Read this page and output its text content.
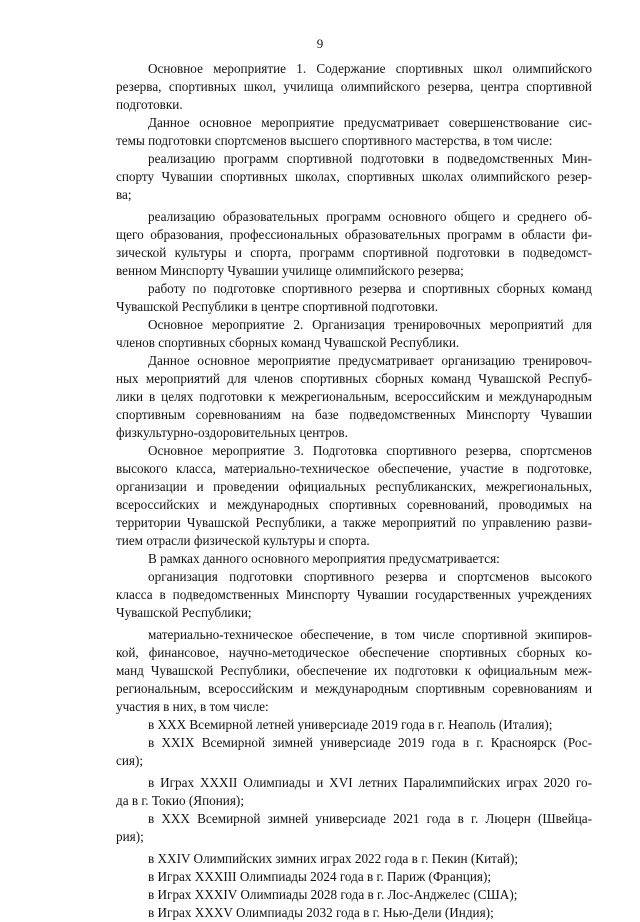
9
Основное мероприятие 1. Содержание спортивных школ олимпийского
резерва, спортивных школ, училища олимпийского резерва, центра спортивной
подготовки.
Данное основное мероприятие предусматривает совершенствование сис-
темы подготовки спортсменов высшего спортивного мастерства, в том числе:
реализацию программ спортивной подготовки в подведомственных Мин-
спорту Чувашии спортивных школах, спортивных школах олимпийского резер-
ва;
реализацию образовательных программ основного общего и среднего об-
щего образования, профессиональных образовательных программ в области фи-
зической культуры и спорта, программ спортивной подготовки в подведомст-
венном Минспорту Чувашии училище олимпийского резерва;
работу по подготовке спортивного резерва и спортивных сборных команд
Чувашской Республики в центре спортивной подготовки.
Основное мероприятие 2. Организация тренировочных мероприятий для
членов спортивных сборных команд Чувашской Республики.
Данное основное мероприятие предусматривает организацию тренировоч-
ных мероприятий для членов спортивных сборных команд Чувашской Респуб-
лики в целях подготовки к межрегиональным, всероссийским и международным
спортивным соревнованиям на базе подведомственных Минспорту Чувашии
физкультурно-оздоровительных центров.
Основное мероприятие 3. Подготовка спортивного резерва, спортсменов
высокого класса, материально-техническое обеспечение, участие в подготовке,
организации и проведении официальных республиканских, межрегиональных,
всероссийских и международных спортивных соревнований, проводимых на
территории Чувашской Республики, а также мероприятий по управлению разви-
тием отрасли физической культуры и спорта.
В рамках данного основного мероприятия предусматривается:
организация подготовки спортивного резерва и спортсменов высокого
класса в подведомственных Минспорту Чувашии государственных учреждениях
Чувашской Республики;
материально-техническое обеспечение, в том числе спортивной экипиров-
кой, финансовое, научно-методическое обеспечение спортивных сборных ко-
манд Чувашской Республики, обеспечение их подготовки к официальным меж-
региональным, всероссийским и международным спортивным соревнованиям и
участия в них, в том числе:
в XXX Всемирной летней универсиаде 2019 года в г. Неаполь (Италия);
в XXIX Всемирной зимней универсиаде 2019 года в г. Красноярск (Рос-
сия);
в Играх XXXII Олимпиады и XVI летних Паралимпийских играх 2020 го-
да в г. Токио (Япония);
в XXX Всемирной зимней универсиаде 2021 года в г. Люцерн (Швейца-
рия);
в XXIV Олимпийских зимних играх 2022 года в г. Пекин (Китай);
в Играх XXXIII Олимпиады 2024 года в г. Париж (Франция);
в Играх XXXIV Олимпиады 2028 года в г. Лос-Анджелес (США);
в Играх XXXV Олимпиады 2032 года в г. Нью-Дели (Индия);
